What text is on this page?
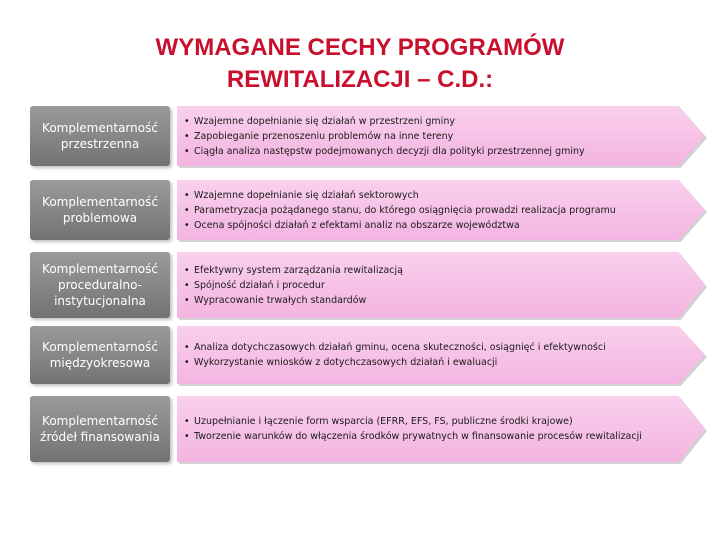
WYMAGANE CECHY PROGRAMÓW
REWITALIZACJI – C.D.:
Komplementarność
przestrzenna
• Wzajemne dopełnianie się działań w przestrzeni gminy
• Zapobieganie przenoszeniu problemów na inne tereny
• Ciągła analiza następstw podejmowanych decyzji dla polityki przestrzennej gminy
Komplementarność
problemowa
• Wzajemne dopełnianie się działań sektorowych
• Parametryzacja pożądanego stanu, do którego osiągnięcia prowadzi realizacja programu
• Ocena spójności działań z efektami analiz na obszarze województwa
Komplementarność
proceduralno-
instytucjonalna
• Efektywny system zarządzania rewitalizacją
• Spójność działań i procedur
• Wypracowanie trwałych standardów
Komplementarność
międzyokresowa
• Analiza dotychczasowych działań gminu, ocena skuteczności, osiągnięć i efektywności
• Wykorzystanie wniosków z dotychczasowych działań i ewaluacji
Komplementarność
źródeł finansowania
• Uzupełnianie i łączenie form wsparcia (EFRR, EFS, FS, publiczne środki krajowe)
• Tworzenie warunków do włączenia środków prywatnych w finansowanie procesów rewitalizacji
